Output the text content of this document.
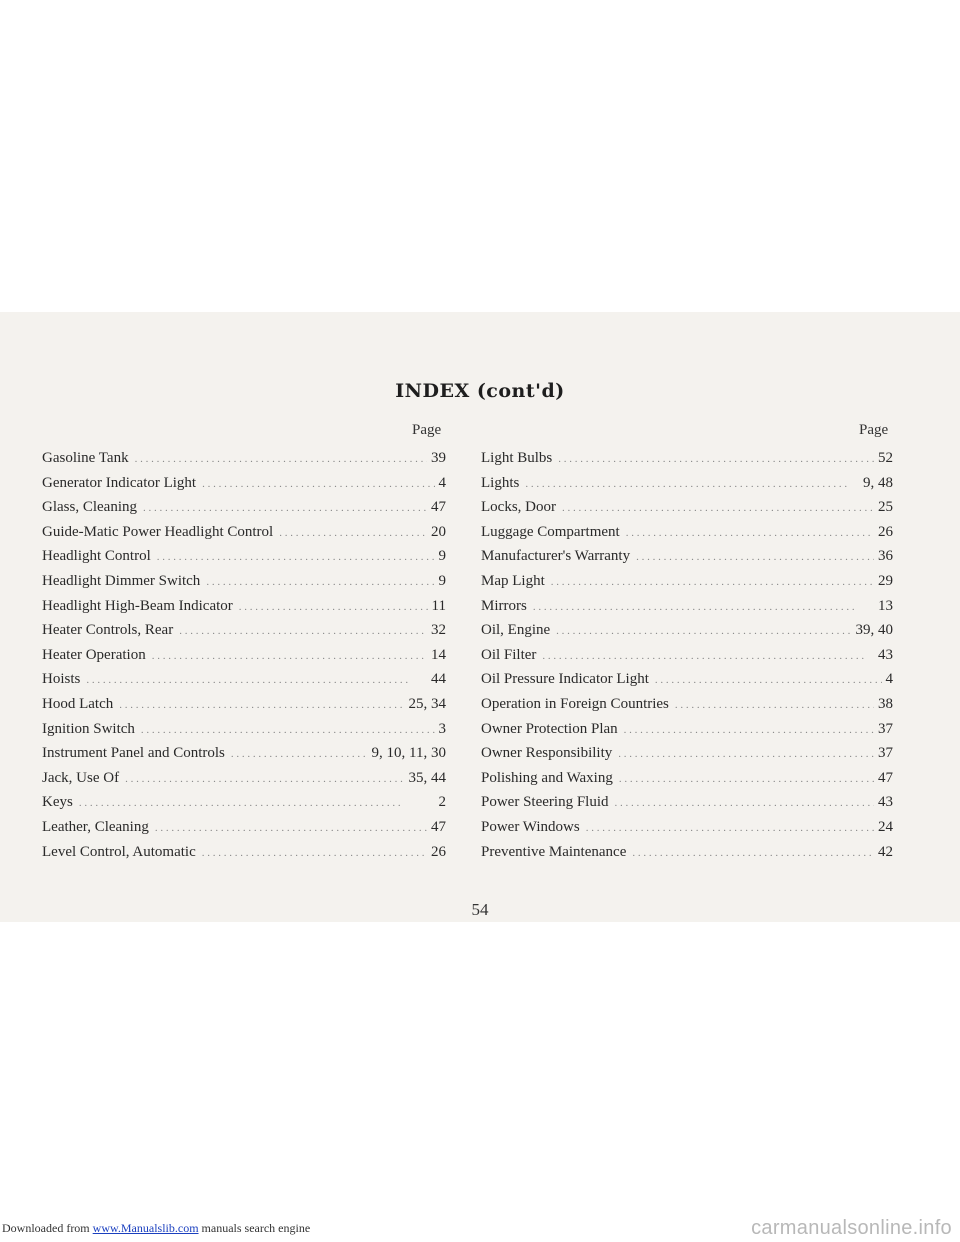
INDEX (cont'd)
Page	Page
Gasoline Tank . . .	39
Generator Indicator Light . . .	4
Glass, Cleaning . . .	47
Guide-Matic Power Headlight Control . . .	20
Headlight Control . . .	9
Headlight Dimmer Switch . . .	9
Headlight High-Beam Indicator . . .	11
Heater Controls, Rear . . .	32
Heater Operation . . .	14
Hoists . . .	44
Hood Latch . . .	25, 34
Ignition Switch . . .	3
Instrument Panel and Controls . . .	9, 10, 11, 30
Jack, Use Of . . .	35, 44
Keys . . .	2
Leather, Cleaning . . .	47
Level Control, Automatic . . .	26
Light Bulbs . . .	52
Lights . . .	9, 48
Locks, Door . . .	25
Luggage Compartment . . .	26
Manufacturer's Warranty . . .	36
Map Light . . .	29
Mirrors . . .	13
Oil, Engine . . .	39, 40
Oil Filter . . .	43
Oil Pressure Indicator Light . . .	4
Operation in Foreign Countries . . .	38
Owner Protection Plan . . .	37
Owner Responsibility . . .	37
Polishing and Waxing . . .	47
Power Steering Fluid . . .	43
Power Windows . . .	24
Preventive Maintenance . . .	42
54
Downloaded from www.Manualslib.com manuals search engine	carmanualsonline.info
